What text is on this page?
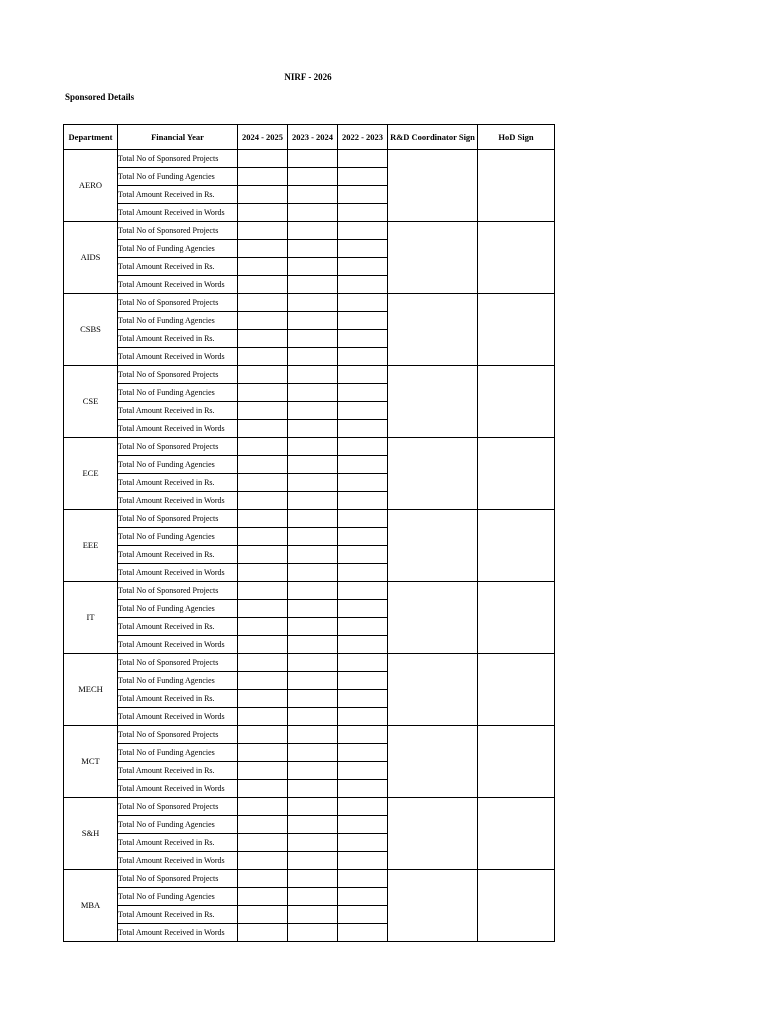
NIRF - 2026
Sponsored Details
Department	Financial Year	2024 - 2025	2023 - 2024	2022 - 2023	R&D Coordinator Sign	HoD Sign
AERO	Total No of Sponsored Projects					
	Total No of Funding Agencies					
	Total Amount Received in Rs.					
	Total Amount Received in Words					
AIDS	Total No of Sponsored Projects					
	Total No of Funding Agencies					
	Total Amount Received in Rs.					
	Total Amount Received in Words					
CSBS	Total No of Sponsored Projects					
	Total No of Funding Agencies					
	Total Amount Received in Rs.					
	Total Amount Received in Words					
CSE	Total No of Sponsored Projects					
	Total No of Funding Agencies					
	Total Amount Received in Rs.					
	Total Amount Received in Words					
ECE	Total No of Sponsored Projects					
	Total No of Funding Agencies					
	Total Amount Received in Rs.					
	Total Amount Received in Words					
EEE	Total No of Sponsored Projects					
	Total No of Funding Agencies					
	Total Amount Received in Rs.					
	Total Amount Received in Words					
IT	Total No of Sponsored Projects					
	Total No of Funding Agencies					
	Total Amount Received in Rs.					
	Total Amount Received in Words					
MECH	Total No of Sponsored Projects					
	Total No of Funding Agencies					
	Total Amount Received in Rs.					
	Total Amount Received in Words					
MCT	Total No of Sponsored Projects					
	Total No of Funding Agencies					
	Total Amount Received in Rs.					
	Total Amount Received in Words					
S&H	Total No of Sponsored Projects					
	Total No of Funding Agencies					
	Total Amount Received in Rs.					
	Total Amount Received in Words					
MBA	Total No of Sponsored Projects					
	Total No of Funding Agencies					
	Total Amount Received in Rs.					
	Total Amount Received in Words					
